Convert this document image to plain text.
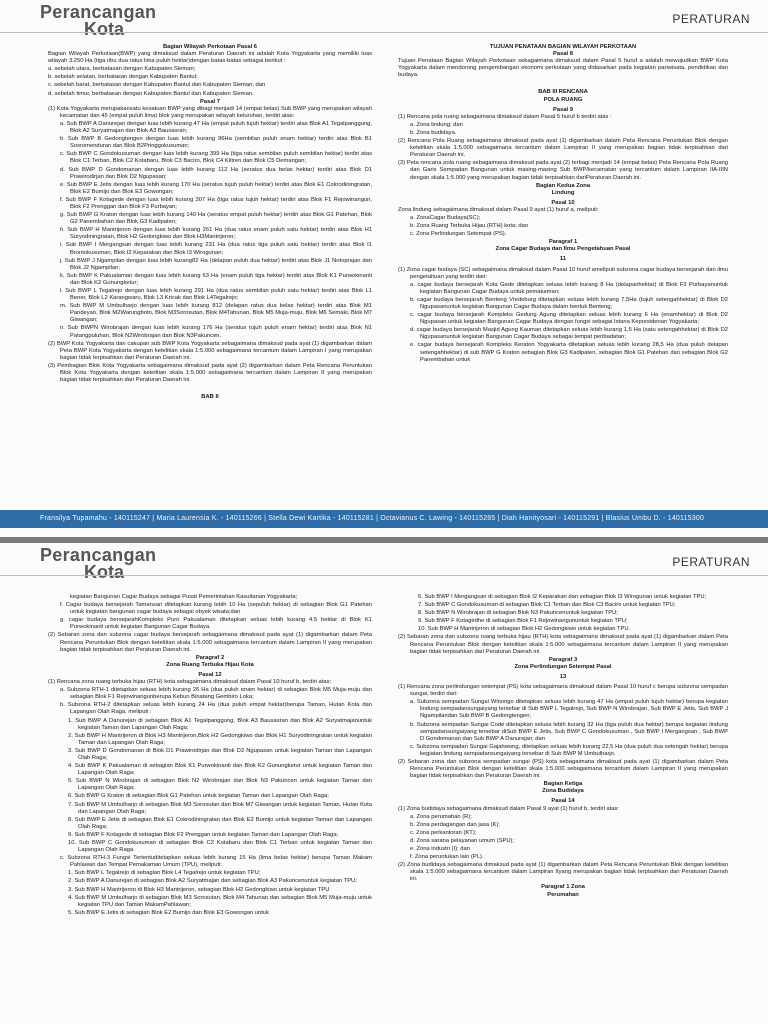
Perancangan
Kota	PERATURAN

Bagian Wilayah Perkotaan Pasal 6

Bagian Wilayah Perkotaan(BWP) yang dimaksud dalam Peraturan Daerah ini adalah Kota Yogyakarta yang memiliki luas wilayah 3.250 Ha (tiga ribu dua ratus lima puluh hektar)dengan batas-batas sebagai berikut :

a. sebelah utara, berbatasan dengan Kabupaten Sleman;

b. sebelah selatan, berbatasan dengan Kabupaten Bantul;

c. sebelah barat, berbatasan dengan Kabupaten Bantul dan Kabupaten Sleman; dan

d. sebelah timur, berbatasan dengan Kabupaten Bantul dan Kabupaten Sleman.

Pasal 7

(1) Kota Yogyakarta merupakansatu kesatuan BWP yang dibagi menjadi 14 (empat belas) Sub BWP yang merupakan wilayah kecamatan dan 45 (empat puluh lima) blok yang merupakan wilayah keluruhan, terdiri atas:

a. Sub BWP A Danurejan dengan luas lebih kurang 47 Ha (empat puluh tujuh hektar) terdiri atas Blok A1 Tegalpanggung, Blok A2 Suryatmajan dan Blok A3 Bausasran;

b. Sub BWP B Gedongtengen dengan luas lebih kurang 96Ha (sembilan puluh enam hektar) terdiri atas Blok B1 Sosromenduran dan Blok B2Pringgokusuman;

c. Sub BWP C Gondokusuman dengan luas lebih kurang 399 Ha (tiga ratus sembilan puluh sembilan hektar) terdiri atas Blok C1 Terban, Blok C2 Kotabaru, Blok C3 Baciro, Blok C4 Klitren dan Blok C5 Demangan;

d. Sub BWP D Gondomanan dengan luas lebih kurang 112 Ha (seratus dua belas hektar) terdiri atas Blok D1 Prawirodirjan dan Blok D2 Ngupasan;

e. Sub BWP E Jetis dengan luas lebih kurang 170 Ha (seratus tujuh puluh hektar) terdiri atas Blok E1 Cokrodiningratan, Blok E2 Bumijo dan Blok E3 Gowongan;

f. Sub BWP F Kotagede dengan luas lebih kurang 307 Ha (tiga ratus tujuh hektar) terdiri atas Blok F1 Rejowinangun, Blok F2 Prenggan dan Blok F3 Purbayan;

g. Sub BWP G Kraton dengan luas lebih kurang 140 Ha (seratus empat puluh hektar) terdiri atas Blok G1 Patehan, Blok G2 Panembahan dan Blok G3 Kadipaten;

h. Sub BWP H Mantrijeron dengan luas lebih kurang 261 Ha (dua ratus enam puluh satu hektar) terdiri atas Blok H1 Suryodiningratan, Blok H2 Gedongkiwo dan Blok H3Mantrijeron;

i. Sub BWP I Mergangsan dengan luas lebih kurang 231 Ha (dua ratus tiga puluh satu hektar) terdiri atas Blok I1 Brontokusuman, Blok I2 Keparakan dan Blok I3 Wirogunan;

j. Sub BWP J Ngampilan dengan luas lebih kurang82 Ha (delapan puluh dua hektar) terdiri atas Blok J1 Notoprajan dan Blok J2 Ngampilan;

k. Sub BWP K Pakualaman dengan luas lebih kurang 63 Ha (enam puluh tiga hektar) terdiri atas Blok K1 Purwokinanti dan Blok K2 Gunungketur;

l. Sub BWP L Tegalrejo dengan luas lebih kurang 291 Ha (dua ratus sembilan puluh satu hektar) terdiri atas Blok L1 Bener, Blok L2 Karangwaru, Blok L3 Kricak dan Blok L4Tegalrejo;

m. Sub BWP M Umbulharjo dengan luas lebih kurang 812 (delapan ratus dua belas hektar) terdiri atas Blok M1 Pandeyan, Blok M2Warungboto, Blok M3Sorosutan, Blok M4Tahunan, Blok M5 Muja-muju, Blok M6 Semaki, Blok M7 Giwangan;

n. Sub BWPN Wirobrajan dengan luas lebih kurang 176 Ha (seratus tujuh puluh enam hektar) terdiri atas Blok N1 Patangpuluhan, Blok N2Wirobrajan dan Blok N3Pakuncen.

(2) BWP Kota Yogyakarta dan cakupan sub BWP Kota Yogyakarta sebagaimana dimaksud pada ayat (1) digambarkan dalam Peta BWP Kota Yogyakarta dengan ketelitian skala 1:5.000 sebagaimana tercantum dalam Lampiran I yang merupakan bagian tidak terpisahkan dari Peraturan Daerah ini.

(3) Pembagian Blok Kota Yogyakarta sebagaimana dimaksud pada ayat (2) digambarkan dalam Peta Rencana Peruntukan Blok Kota Yogyakarta dengan ketelitian skala 1:5.000 sebagaimana tercantum dalam Lampiran II yang merupakan bagian tidak terpisahkan dari Peraturan Daerah ini.

BAB II

TUJUAN PENATAAN BAGIAN WILAYAH PERKOTAAN

Pasal 8

Tujuan Penataan Bagian Wilayah Perkotaan sebagaimana dimaksud dalam Pasal 5 huruf a adalah mewujudkan BWP Kota Yogyakarta dalam mendorong pengembangan ekonomi perkotaan yang didasarkan pada kegiatan pariwisata, pendidikan dan budaya.

BAB III RENCANA

POLA RUANG

Pasal 9

(1) Rencana pola ruang sebagaimana dimaksud dalam Pasal 5 huruf b terdiri atas :

a. Zona lindung; dan

b. Zona budidaya.

(2) Rencana Pola Ruang sebagaimana dimaksud pada ayat (1) digambarkan dalam Peta Rencana Peruntukan Blok dengan ketelitian skala 1:5.000 sebagaimana tercantum dalam Lampiran II yang merupakan bagian tidak terpisahkan dari Peraturan Daerah ini.

(3) Peta rencana pola ruang sebagaimana dimaksud pada ayat (2) terbagi menjadi 14 (empat belas) Peta Rencana Pola Ruang dan Garis Sempadan Bangunan untuk masing-masing Sub BWP/kecamatan yang tercantum dalam Lampiran IIA-IIIN dengan skala 1:5.000 yang merupakan bagian tidak terpisahkan dariPeraturan Daerah ini.

Bagian Kedua Zona

Lindung

Pasal 10

Zona lindung sebagaimana dimaksud dalam Pasal 9 ayat (1) huruf a, meliputi:

a. ZonaCagar Budaya(SC);

b. Zona Ruang Terbuka Hijau (RTH) kota; dan

c. Zona Perlindungan Setempat (PS).

Paragraf 1

Zona Cagar Budaya dan Ilmu Pengetahuan Pasal

11

(1) Zona cagar budaya (SC) sebagaimana dimaksud dalam Pasal 10 huruf ameliputi subzona cagar budaya bersejarah dan ilmu pengetahuan yang terdiri dari:

a. cagar budaya bersejarah Kota Gede ditetapkan seluas lebih kurang 8 Ha (delapanhektar) di Blok F3 Purbayanuntuk kegiatan Bangunan Cagar Budaya untuk pemakaman;

b. cagar budaya bersejarah Benteng Vredeburg ditetapkan seluas lebih kurang 7,5Ha (tujuh setengahhektar) di Blok D2 Ngupasanuntuk kegiatan Bangunan Cagar Budaya dalam bentuk Benteng;

c. cagar budaya bersejarah Kompleks Gedung Agung ditetapkan seluas lebih kurang 6 Ha (enamhektar) di Blok D2 Ngupasan untuk kegiatan Bangunan Cagar Budaya dengan fungsi sebagai Istana Kepresidenan Yogyakarta;

d. cagar budaya bersejarah Masjid Agung Kauman ditetapkan seluas lebih kurang 1,5 Ha (satu setengahhektar) di Blok D2 Ngupasanuntuk kegiatan Bangunan Cagar Budaya sebagai tempat peribadatan;

e. cagar budaya bersejarah Kompleks Keraton Yogyakarta ditetapkan seluas lebih kurang 28,5 Ha (dua puluh delapan setengahhektar) di sub BWP G Kraton sebagian Blok G3 Kadipaten, sebagian Blok G1 Patehan dan sebagian Blok G2 Panembahan untuk

Fransilya Tupamahu - 140115247 | Maria Laurensia K. - 140115266 | Stella Dewi Kartika - 140115281 | Octavianus C. Lawing - 140115285 | Diah Hanityosari - 140115291 | Blasius Umbu D. - 140115300
Perancangan
Kota	PERATURAN

kegiatan Bangunan Cagar Budaya sebagai Pusat Pemerintahan Kasultanan Yogyakarta;

f. Cagar budaya bersejarah Tamansari ditetapkan kurang lebih 10 Ha (sepuluh hektar) di sebagian Blok G1 Patehan untuk kegiatan bangunan cagar budaya sebagai obyek wisata;dan

g. cagar budaya bersejarahKompleks Puro Pakualaman ditetapkan seluas lebih kurang 4,5 hektar di Blok K1 Purwokinanti untuk kegiatan Bangunan Cagar Budaya.

(2) Sebaran zona dan subzona cagar budaya bersejarah sebagaimana dimaksud pada ayat (1) digambarkan dalam Peta Rencana Peruntukan Blok dengan ketelitian skala 1:5.000 sebagaimana tercantum dalam Lampiran II yang merupakan bagian tidak terpisahkan dari Peraturan Daerah ini.

Paragraf 2

Zona Ruang Terbuka Hijau Kota

Pasal 12

(1) Rencana zona ruang terbuka hijau (RTH) kota sebagaimana dimaksud dalam Pasal 10 huruf b, terdiri atas:

a. Subzona RTH-1 ditetapkan seluas lebih kurang 26 Ha (dua puluh enam hektar) di sebagian Blok M5 Muja-muju dan sebagian Blok F1 Rejowinangunberupa Kebun Binatang Gembiro Loka;

b. Subzona RTH-2 ditetapkan seluas lebih kurang 24 Ha (dua puluh empat hektar)berupa Taman, Hutan Kota dan Lapangan Olah Raga, meliputi :

1. Sub BWP A Danurejan di sebagian Blok A1 Tegalpanggung, Blok A3 Bausasran dan Blok A2 Suryatmajanuntuk kegiatan Taman dan Lapangan Olah Raga;

2. Sub BWP H Mantrijeron di Blok H3 Mantrijeron,Blok H2 Gedongkiwo dan Blok H1 Suryodiningratan untuk kegiatan Taman dan Lapangan Olah Raga;

3. Sub BWP D Gondomanan di Blok D1 Prawirodirjan dan Blok D2 Ngupasan untuk kegiatan Taman dan Lapangan Olah Raga;

4. Sub BWP K Pakualaman di sebagian Blok K1 Purwokinanti dan Blok K2 Gunungketur untuk kegiatan Taman dan Lapangan Olah Raga;

5. Sub BWP N Wirobrajan di sebagian Blok N2 Wirobrajan dan Blok N3 Pakuncen untuk kegiatan Taman dan Lapangan Olah Raga;

6. Sub BWP G Kraton di sebagian Blok G1 Patehan untuk kegiatan Taman dan Lapangan Olah Raga;

7. Sub BWP M Umbulharjo di sebagian Blok M3 Sorosutan dan Blok M7 Giwangan untuk kegiatan Taman, Hutan Kota dan Lapangan Olah Raga;

8. Sub BWP E Jetis di sebagian Blok E1 Cokrodiningratan dan Blok E2 Bumijo untuk kegiatan Taman dan Lapangan Olah Raga;

9. Sub BWP F Kotagede di sebagian Blok F2 Prenggan untuk kegiatan Taman dan Lapangan Olah Raga;

10. Sub BWP C Gondokusuman di sebagian Blok C2 Kotabaru dan Blok C1 Terban untuk kegiatan Taman dan Lapangan Olah Raga.

c. Subzona RTH-3 Fungsi Tertentuditetapkan seluas lebih kurang 15 Ha (lima belas hektar) berupa Taman Makam Pahlawan dan Tempat Pemakaman Umum (TPU), meliputi:

1. Sub BWP L Tegalrejo di sebagian Blok L4 Tegalrejo untuk kegiatan TPU;

2. Sub BWP A Danurejan di sebagian Blok A2 Suryatmajan dan sebagian Blok A3 Pakuncenuntuk kegiatan TPU;

3. Sub BWP H Mantrijeron di Blok H3 Mantrijeron, sebagian Blok H2 Gedongkiwo untuk kegiatan TPU

4. Sub BWP M Umbulharjo di sebagian Blok M3 Sorosutan, Blok M4 Tahunan dan sebagian Blok M5 Muja-muju untuk kegiatan TPU dan Taman MakamPahlawan;

5. Sub BWP E Jetis di sebagian Blok E2 Bumijo dan Blok E3 Gowongan untuk

6. Sub BWP I Mergangsan di sebagian Blok I2 Keparakan dan sebagian Blok I3 Wirogunan untuk kegiatan TPU;

7. Sub BWP C Gondokusuman di sebagian Blok C1 Terban dan Blok C3 Baciro untuk kegiatan TPU;

8. Sub BWP N Wirobrajan di sebagian Blok N3 Pakuncenuntuk kegiatan TPU;

9. Sub BWP F Kotagedhe di sebagian Blok F1 Rejowinangununtuk kegiatan TPU;

10. Sub BWP H Mantrijeron di sebagian Blok H2 Gedongkiwo untuk kegiatan TPU.

(2) Sebaran zona dan subzona ruang terbuka hijau (RTH) kota sebagaimana dimaksud pada ayat (1) digambarkan dalam Peta Rencana Peruntukan Blok dengan ketelitian skala 1:5.000 sebagaimana tercantum dalam Lampiran II yang merupakan bagian tidak terpisahkan dari Peraturan Daerah ini.

Paragraf 3

Zona Perlindungan Setempat Pasal

13

(1) Rencana zona perlindungan setempat (PS) kota sebagaimana dimaksud dalam Pasal 10 huruf c berupa subzona sempadan sungai, terdiri dari:

a. Subzona sempadan Sungai Winongo ditetapkan seluas lebih kurang 47 Ha (empat puluh tujuh hektar) berupa kegiatan lindung sempadansungaiyang tersebar di Sub BWP L Tegalrejo, Sub BWP N Wirobrajan, Sub BWP E Jetis, Sub BWP J Ngampilandan Sub BWP B Gedongtengen;

b. Subzona sempadan Sungai Code ditetapkan seluas lebih kurang 32 Ha (tiga puluh dua hektar) berupa kegiatan lindung sempadansungaiyang tersebar diSub BWP E Jetis, Sub BWP C Gondokusuman , Sub BWP I Mergangsan , Sub BWP D Gondomanan dan Sub BWP A Danurejan; dan

c. Subzona sempadan Sungai Gajahwong, ditetapkan seluas lebih kurang 22,5 Ha (dua puluh dua setengah hektar) berupa kegiatan lindung sempadansungaiyang tersebar di Sub BWP M Umbulharjo.

(2) Sebaran zona dan subzona sempadan sungai (PS) kota sebagaimana dimaksud pada ayat (1) digambarkan dalam Peta Rencana Peruntukan Blok dengan ketelitian skala 1:5.000 sebagaimana tercantum dalam Lampiran II yang merupakan bagian tidak terpisahkan dari Peraturan Daerah ini.

Bagian Ketiga

Zona Budidaya

Pasal 14

(1) Zona budidaya sebagaimana dimaksud dalam Pasal 9 ayat (1) huruf b, terdiri atas:

a. Zona perumahan (R);

b. Zona perdagangan dan jasa (K);

c. Zona perkantoran (KT);

d. Zona sarana pelayanan umum (SPU);

e. Zona industri (I); dan

f. Zona peruntukan lain (PL).

(2) Zona budidaya sebagaimana dimaksud pada ayat (1) digambarkan dalam Peta Rencana Peruntukan Blok dengan ketelitian skala 1:5.000 sebagaimana tercantum dalam Lampiran IIyang merupakan bagian tidak terpisahkan dari Peraturan Daerah ini.

Paragraf 1 Zona

Perumahan
